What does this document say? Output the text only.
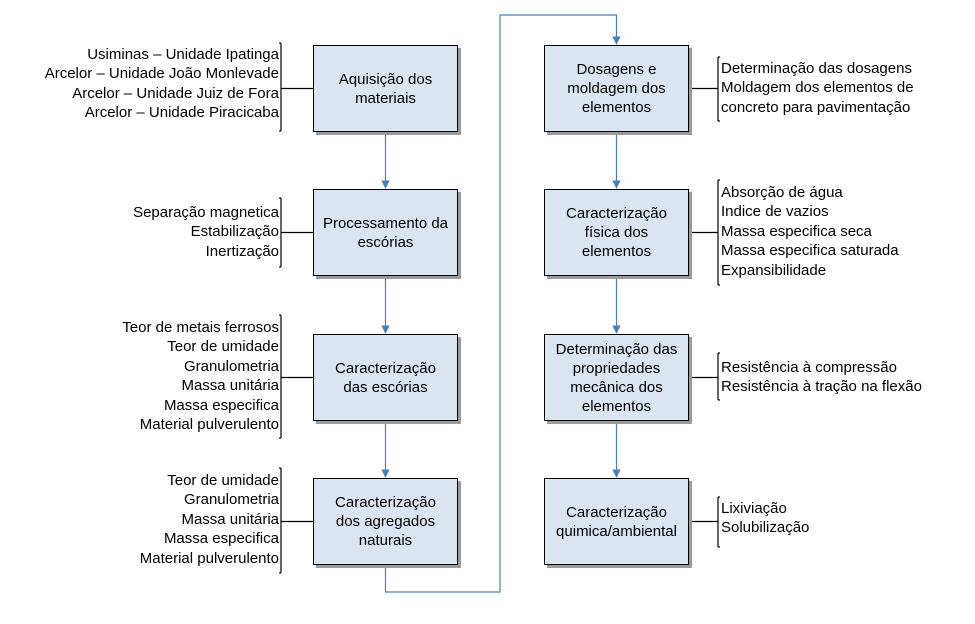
Aquisição dos
materiais
Usiminas – Unidade Ipatinga
Arcelor – Unidade João Monlevade
Arcelor – Unidade Juiz de Fora
Arcelor – Unidade Piracicaba
Processamento da
escórias
Separação magnetica
Estabilização
Inertização
Caracterização
das escórias
Teor de metais ferrosos
Teor de umidade
Granulometria
Massa unitária
Massa especifica
Material pulverulento
Caracterização
dos agregados
naturais
Teor de umidade
Granulometria
Massa unitária
Massa especifica
Material pulverulento
Dosagens e
moldagem dos
elementos
Determinação das dosagens
Moldagem dos elementos de
concreto para pavimentação
Caracterização
física dos
elementos
Absorção de água
Indice de vazios
Massa especifica seca
Massa especifica saturada
Expansibilidade
Determinação das
propriedades
mecânica dos
elementos
Resistência à compressão
Resistência à tração na flexão
Caracterização
quimica/ambiental
Lixiviação
Solubilização
